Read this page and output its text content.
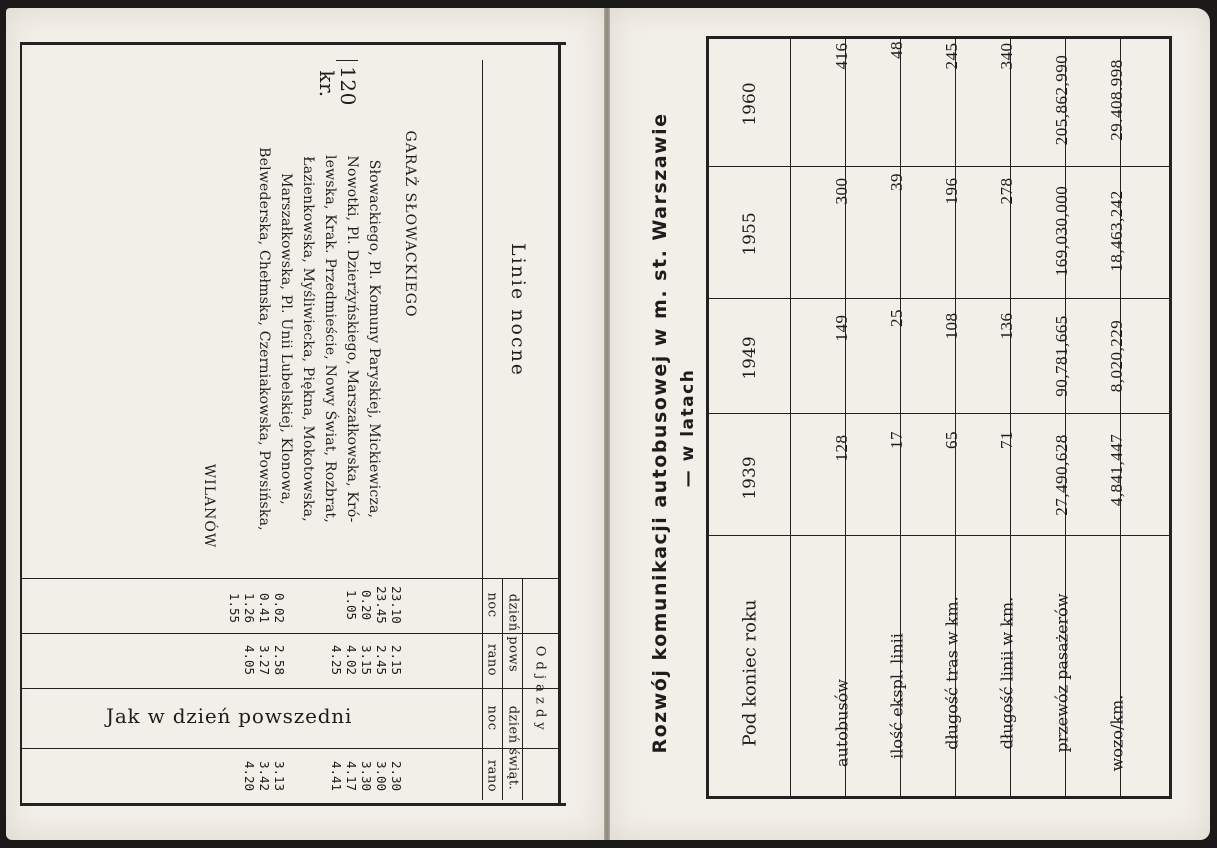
Linie nocne
O d j a z d y
dzień pows
dzień świąt.
noc
rano
noc
rano
120
kr.
GARAŻ SŁOWACKIEGO
Słowackiego, Pl. Komuny Paryskiej, Mickiewicza,
Nowotki, Pl. Dzierżyńskiego, Marszałkowska, Kró-
lewska, Krak. Przedmieście, Nowy Świat, Rozbrat,
Łazienkowska, Myśliwiecka, Piękna, Mokotowska,
Marszałkowska, Pl. Unii Lubelskiej, Klonowa,
Belwederska, Chełmska, Czerniakowska, Powsińska,
WILANÓW
23.10
23.45
0.20
1.05
0.02
0.41
1.26
1.55
2.15
2.45
3.15
4.02
4.25
2.58
3.27
4.05
2.30
3.00
3.30
4.17
4.41
3.13
3.42
4.20
Jak w dzień powszedni	Rozwój komunikacji autobusowej w m. st. Warszawie — w latach
Pod koniec roku
1939
1949
1955
1960
autobusów ilość ekspl. linii długość tras w km. długość linii w km. przewóz pasażerów wozo/km.
128
149
300
416
17
25
39
48
65
108
196
245
71
136
278
340
27,490,628
90,781,665
169,030,000
205,862,990
4,841,447
8,020,229
18,463,242
29.408.998
